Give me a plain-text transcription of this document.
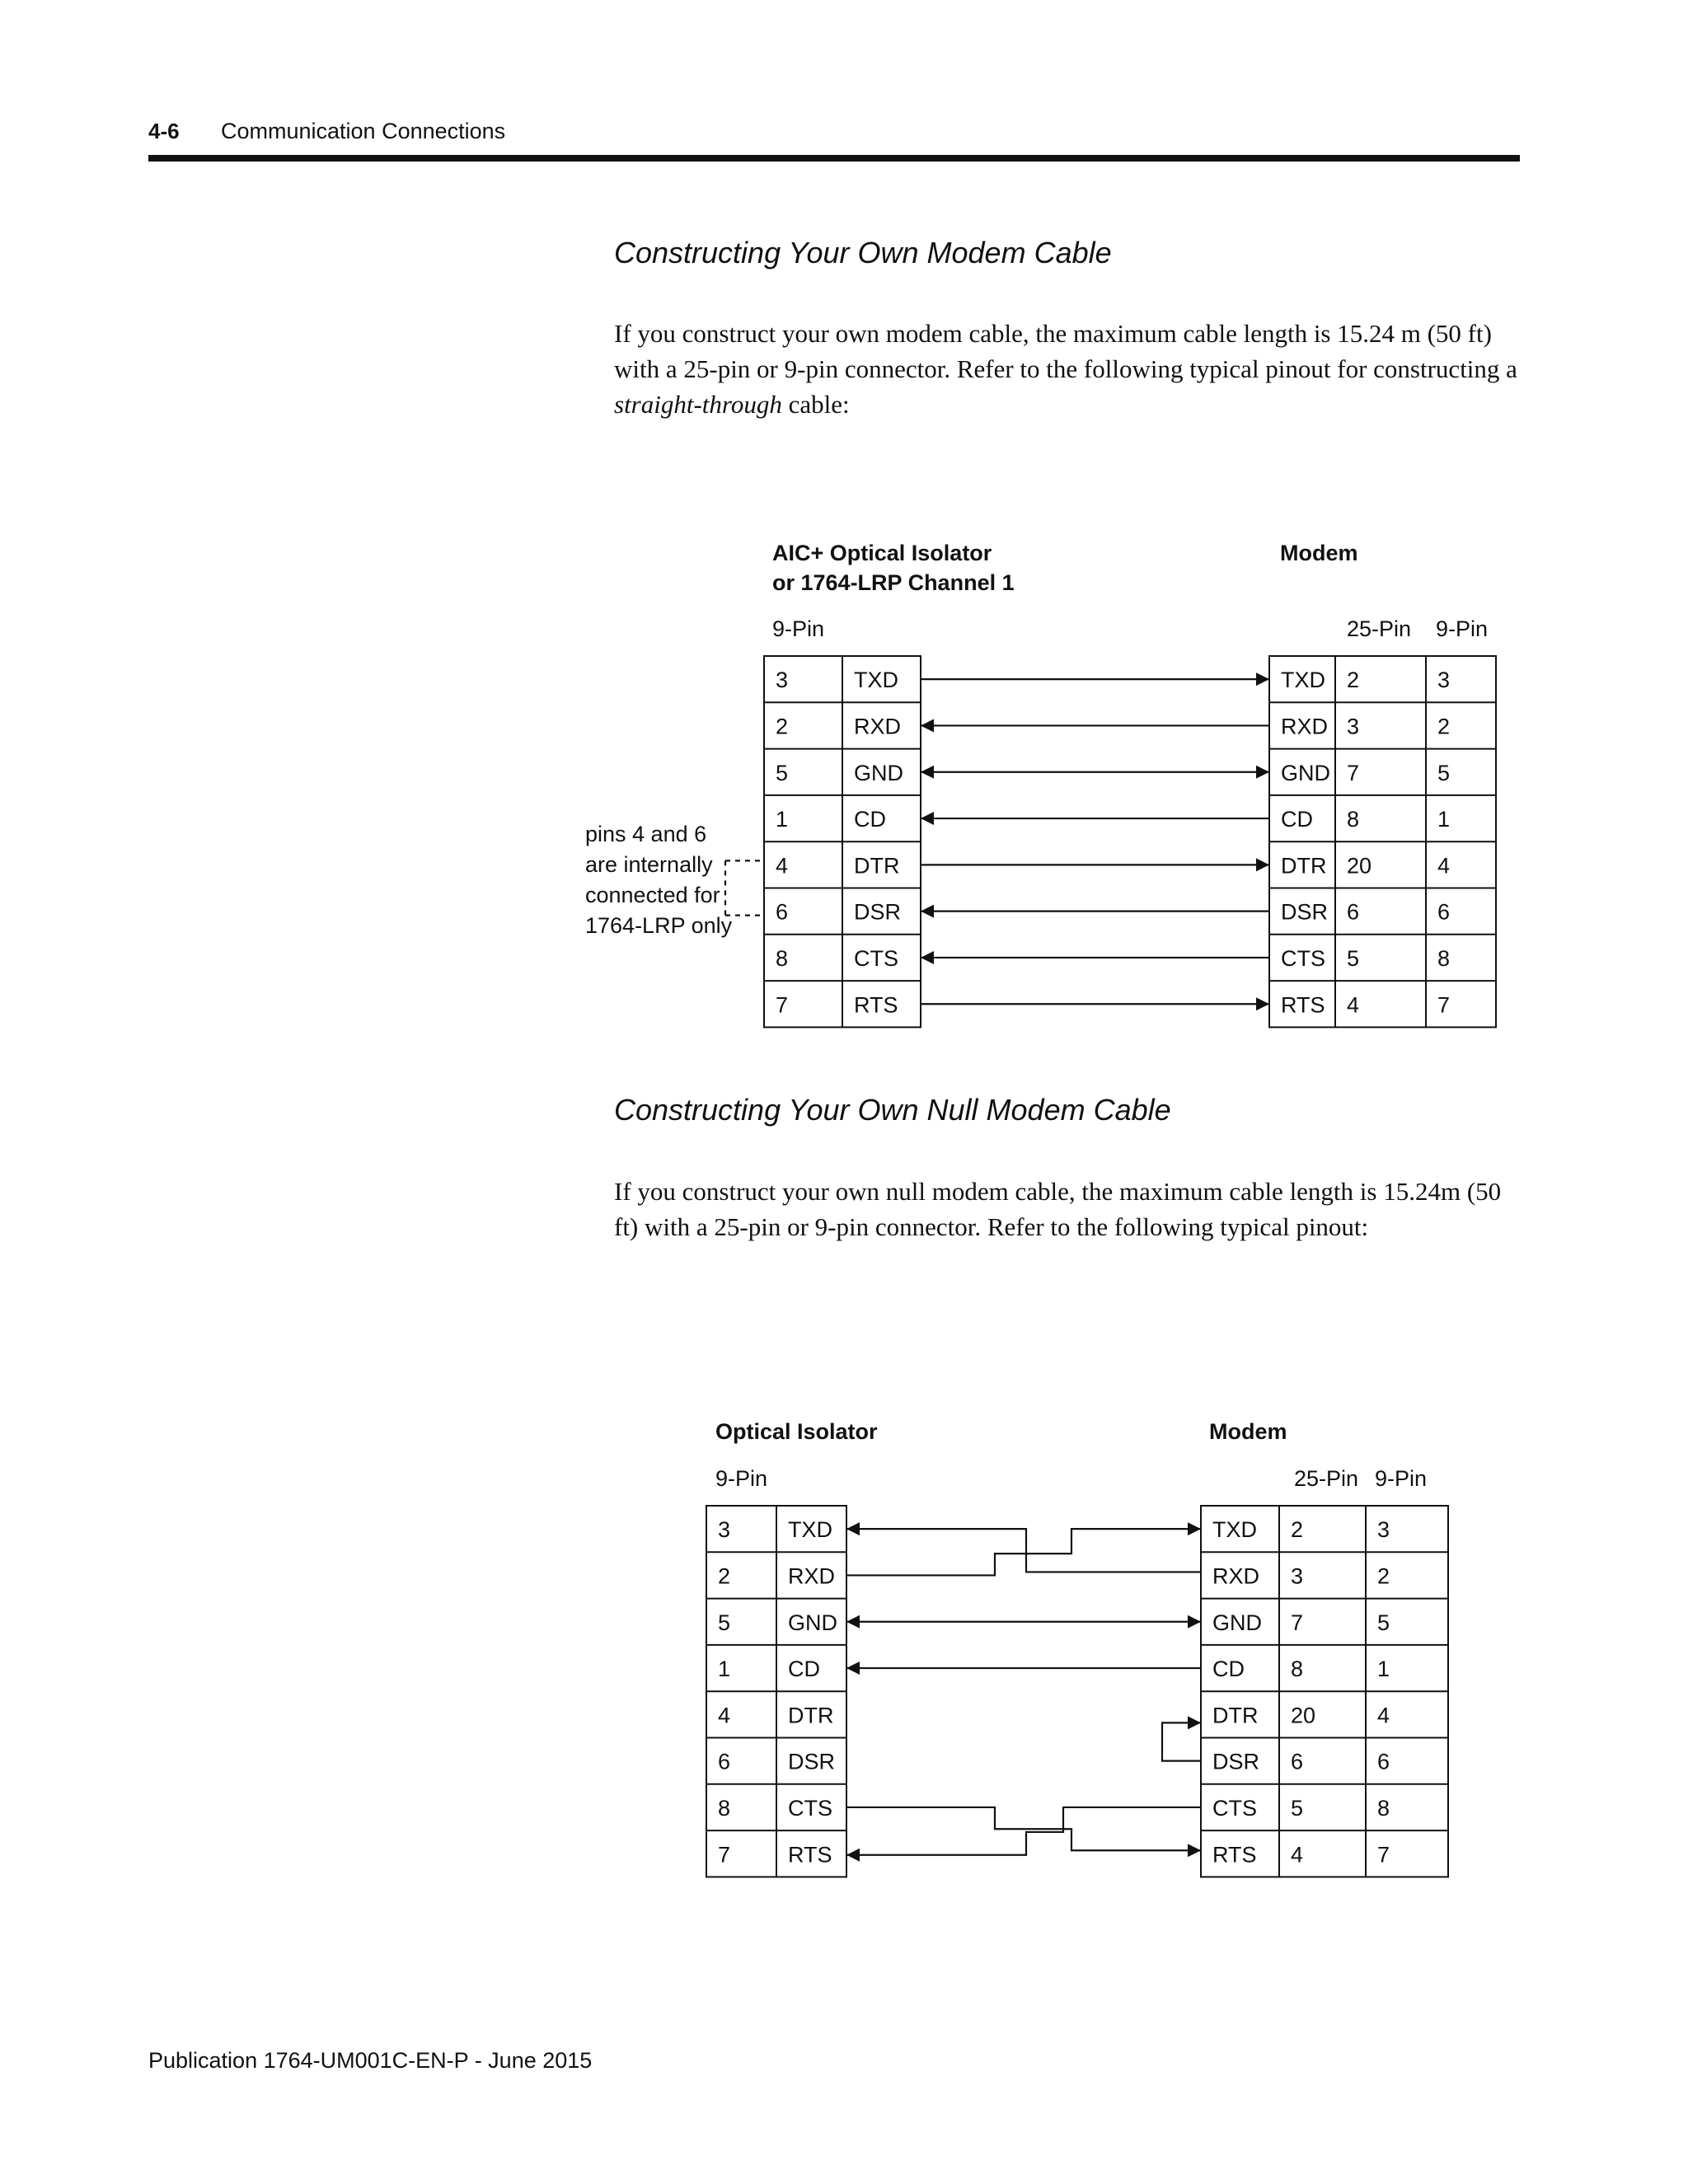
4-6 Communication Connections
Constructing Your Own Modem Cable
If you construct your own modem cable, the maximum cable length is 15.24 m (50 ft) with a 25-pin or 9-pin connector. Refer to the following typical pinout for constructing a straight-through cable:
AIC+ Optical Isolator
or 1764-LRP Channel 1
Modem
9-Pin	25-Pin 9-Pin
3	TXD	TXD 2	3
2	RXD	RXD 3	2
5	GND	GND 7	5
1	CD	CD 8	1
4	DTR	DTR 20	4
6	DSR	DSR 6	6
8	CTS	CTS 5	8
7	RTS	RTS 4	7
pins 4 and 6
are internally
connected for
1764-LRP only
Optical Isolator	Modem
9-Pin	25-Pin 9-Pin
3	TXD	TXD 2	3
2	RXD	RXD 3	2
5	GND	GND 7	5
1	CD	CD 8	1
4	DTR	DTR 20	4
6	DSR	DSR 6	6
8	CTS	CTS 5	8
7	RTS	RTS 4	7
Constructing Your Own Null Modem Cable
If you construct your own null modem cable, the maximum cable length is 15.24m (50 ft) with a 25-pin or 9-pin connector. Refer to the following typical pinout:
Publication 1764-UM001C-EN-P - June 2015
